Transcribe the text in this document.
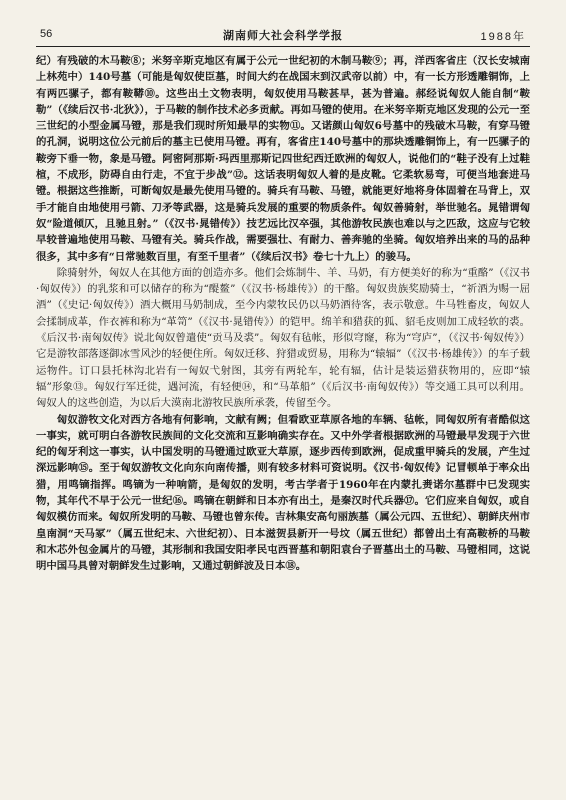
56	湖南师大社会科学学报	1988年

纪）有残破的木马鞍⑧；米努辛斯克地区有属于公元一世纪初的木制马鞍⑨；再，洋西客省庄（汉长安城南上林苑中）140号墓（可能是匈奴使臣墓，时间大约在战国末到汉武帝以前）中，有一长方形透雕铜饰，上有两匹骡子，都有鞍鞯⑩。这些出土文物表明，匈奴使用马鞍甚早，甚为普遍。郝经说匈奴人能自制“鞍勒”（《续后汉书·北狄》），于马鞍的制作技术必多贡献。再如马镫的使用。在米努辛斯克地区发现的公元一至三世纪的小型金属马镫，那是我们现时所知最早的实物⑪。又诺颜山匈奴6号墓中的残破木马鞍，有穿马镫的孔洞，说明这位公元前后的墓主已使用马镫。再有，客省庄140号墓中的那块透雕铜饰上，有一匹骡子的鞍旁下垂一物，象是马镫。阿密阿那斯·玛西里那斯记四世纪西迁欧洲的匈奴人，说他们的“鞋子没有上过鞋楦，不成形，防碍自由行走，不宜于步战”⑫。这话表明匈奴人着的是皮靴。它柔软易弯，可便当地套进马镫。根据这些推断，可断匈奴是最先使用马镫的。骑兵有马鞍、马镫，就能更好地将身体固着在马背上，双手才能自由地使用弓箭、刀矛等武器，这是骑兵发展的重要的物质条件。匈奴善骑射，举世驰名。晁错谓匈奴“险道倾仄，且驰且射。”（《汉书·晁错传》）技艺远比汉卒强，其他游牧民族也难以与之匹敌，这应与它较早较普遍地使用马鞍、马镫有关。骑兵作战，需要强壮、有耐力、善奔驰的坐骑。匈奴培养出来的马的品种很多，其中多有“日常驰数百里，有至千里者”（《续后汉书》卷七十九上）的骏马。

除骑射外，匈奴人在其他方面的创造亦多。他们会炼制牛、羊、马奶，有方便美好的称为“重酪”（《汉书·匈奴传》）的乳浆和可以储存的称为“醍鳌”（《汉书·杨雄传》）的干酪。匈奴贵族奖励骑士，“祈酒为赐一屈酒”（《史记·匈奴传》）酒大概用马奶制成，至今内蒙牧民仍以马奶酒待客，表示敬意。牛马牲畜皮，匈奴人会揉制成革，作衣裤和称为“革笥”（《汉书·晁错传》）的铠甲。绵羊和猎获的狐、貂毛皮则加工成轻软的裘。《后汉书·南匈奴传》说北匈奴曾遣使“贡马及裘”。匈奴有毡帐，形似穹窿，称为“穹庐”，（《汉书·匈奴传》）它是游牧部落逐御冰雪风沙的轻便住所。匈奴迁移、狩猎或贸易，用称为“辕辐”（《汉书·杨雄传》）的车子载运物件。订口县托林沟北岩有一匈奴弋射图，其旁有两轮车，轮有辐，估计是装运猎获物用的，应即“辕辐”形象⑬。匈奴行军迁徙，遇河流，有轻便⑭，和“马革船”（《后汉书·南匈奴传》）等交通工具可以利用。匈奴人的这些创造，为以后大漠南北游牧民族所承袭，传留至今。

匈奴游牧文化对西方各地有何影响，文献有阙；但看欧亚草原各地的车辆、毡帐，同匈奴所有者酷似这一事实，就可明白各游牧民族间的文化交流和互影响确实存在。又中外学者根据欧洲的马镫最早发现于六世纪的匈牙利这一事实，认中国发明的马镫通过欧亚大草原，逐步西传到欧洲，促成重甲骑兵的发展，产生过深远影响⑮。至于匈奴游牧文化向东向南传播，则有较多材料可资说明。《汉书·匈奴传》记冒顿单于率众出猎，用鸣镝指挥。鸣镝为一种响箭，是匈奴的发明，考古学者于1960年在内蒙扎赉诺尔墓群中已发现实物，其年代不早于公元一世纪⑯。鸣镝在朝鲜和日本亦有出土，是秦汉时代兵器⑰。它们应来自匈奴，或自匈奴模仿而来。匈奴所发明的马鞍、马镫也曾东传。吉林集安高句丽族墓（属公元四、五世纪）、朝鲜庆州市皇南洞“天马冢”（属五世纪末、六世纪初）、日本滋贺县新开一号坟（属五世纪）都曾出土有高鞍桥的马鞍和木芯外包金属片的马镫，其形制和我国安阳孝民屯西晋墓和朝阳袁台子晋墓出土的马鞍、马镫相同，这说明中国马具曾对朝鲜发生过影响，又通过朝鲜波及日本⑱。
